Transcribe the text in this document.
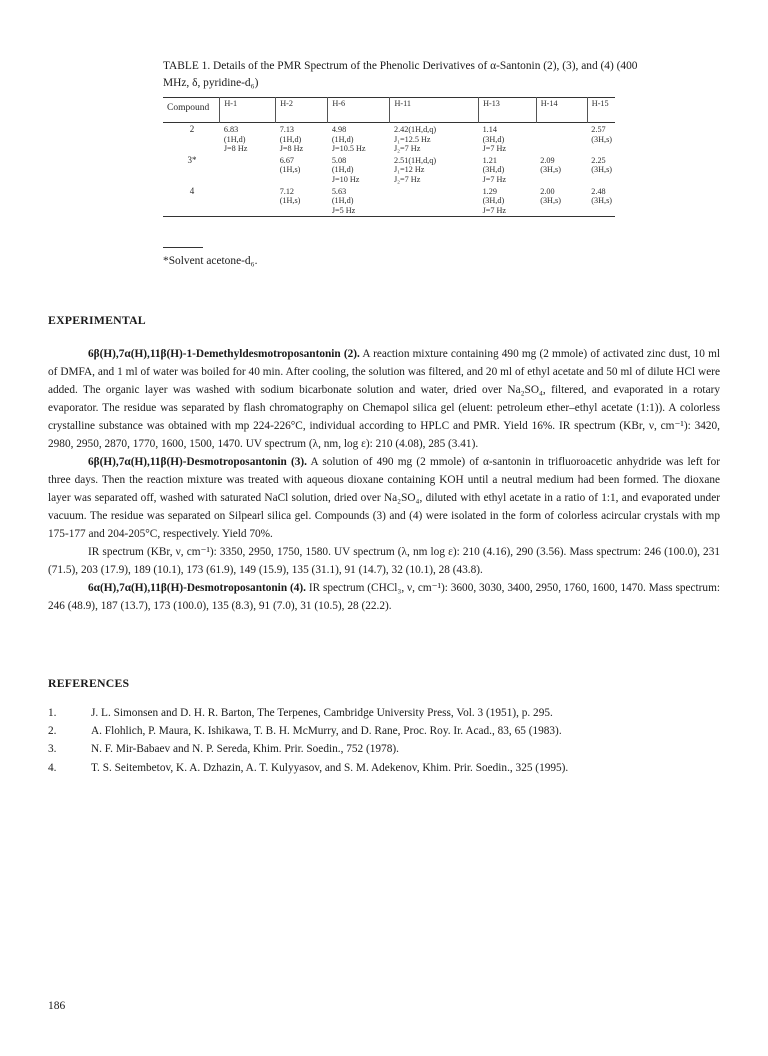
TABLE 1. Details of the PMR Spectrum of the Phenolic Derivatives of α-Santonin (2), (3), and (4) (400 MHz, δ, pyridine-d₆)
Compound	H-1	H-2	H-6	H-11	H-13	H-14	H-15
2	6.83
(1H,d)
J=8 Hz	7.13
(1H,d)
J=8 Hz	4.98
(1H,d)
J=10.5 Hz	2.42(1H,d,q)
J₁=12.5 Hz
J₂=7 Hz	1.14
(3H,d)
J=7 Hz		2.57
(3H,s)

3*		6.67
(1H,s)	5.08
(1H,d)
J=10 Hz	2.51(1H,d,q)
J₁=12 Hz
J₂=7 Hz	1.21
(3H,d)
J=7 Hz	2.09
(3H,s)	2.25
(3H,s)

4		7.12
(1H,s)	5.63
(1H,d)
J=5 Hz		1.29
(3H,d)
J=7 Hz	2.00
(3H,s)	2.48
(3H,s)
*Solvent acetone-d₆.
EXPERIMENTAL

6β(H),7α(H),11β(H)-1-Demethyldesmotroposantonin (2). A reaction mixture containing 490 mg (2 mmole) of activated zinc dust, 10 ml of DMFA, and 1 ml of water was boiled for 40 min. After cooling, the solution was filtered, and 20 ml of ethyl acetate and 50 ml of dilute HCl were added. The organic layer was washed with sodium bicarbonate solution and water, dried over Na₂SO₄, filtered, and evaporated in a rotary evaporator. The residue was separated by flash chromatography on Chemapol silica gel (eluent: petroleum ether–ethyl acetate (1:1)). A colorless crystalline substance was obtained with mp 224-226°C, individual according to HPLC and PMR. Yield 16%. IR spectrum (KBr, ν, cm⁻¹): 3420, 2980, 2950, 2870, 1770, 1600, 1500, 1470. UV spectrum (λ, nm, log ε): 210 (4.08), 285 (3.41).

6β(H),7α(H),11β(H)-Desmotroposantonin (3). A solution of 490 mg (2 mmole) of α-santonin in trifluoroacetic anhydride was left for three days. Then the reaction mixture was treated with aqueous dioxane containing KOH until a neutral medium had been formed. The dioxane layer was separated off, washed with saturated NaCl solution, dried over Na₂SO₄, diluted with ethyl acetate in a ratio of 1:1, and evaporated under vacuum. The residue was separated on Silpearl silica gel. Compounds (3) and (4) were isolated in the form of colorless acircular crystals with mp 175-177 and 204-205°C, respectively. Yield 70%.

IR spectrum (KBr, ν, cm⁻¹): 3350, 2950, 1750, 1580. UV spectrum (λ, nm log ε): 210 (4.16), 290 (3.56). Mass spectrum: 246 (100.0), 231 (71.5), 203 (17.9), 189 (10.1), 173 (61.9), 149 (15.9), 135 (31.1), 91 (14.7), 32 (10.1), 28 (43.8).

6α(H),7α(H),11β(H)-Desmotroposantonin (4). IR spectrum (CHCl₃, ν, cm⁻¹): 3600, 3030, 3400, 2950, 1760, 1600, 1470. Mass spectrum: 246 (48.9), 187 (13.7), 173 (100.0), 135 (8.3), 91 (7.0), 31 (10.5), 28 (22.2).

REFERENCES
1.	J. L. Simonsen and D. H. R. Barton, The Terpenes, Cambridge University Press, Vol. 3 (1951), p. 295.
2.	A. Flohlich, P. Maura, K. Ishikawa, T. B. H. McMurry, and D. Rane, Proc. Roy. Ir. Acad., 83, 65 (1983).
3.	N. F. Mir-Babaev and N. P. Sereda, Khim. Prir. Soedin., 752 (1978).
4.	T. S. Seitembetov, K. A. Dzhazin, A. T. Kulyyasov, and S. M. Adekenov, Khim. Prir. Soedin., 325 (1995).
186
